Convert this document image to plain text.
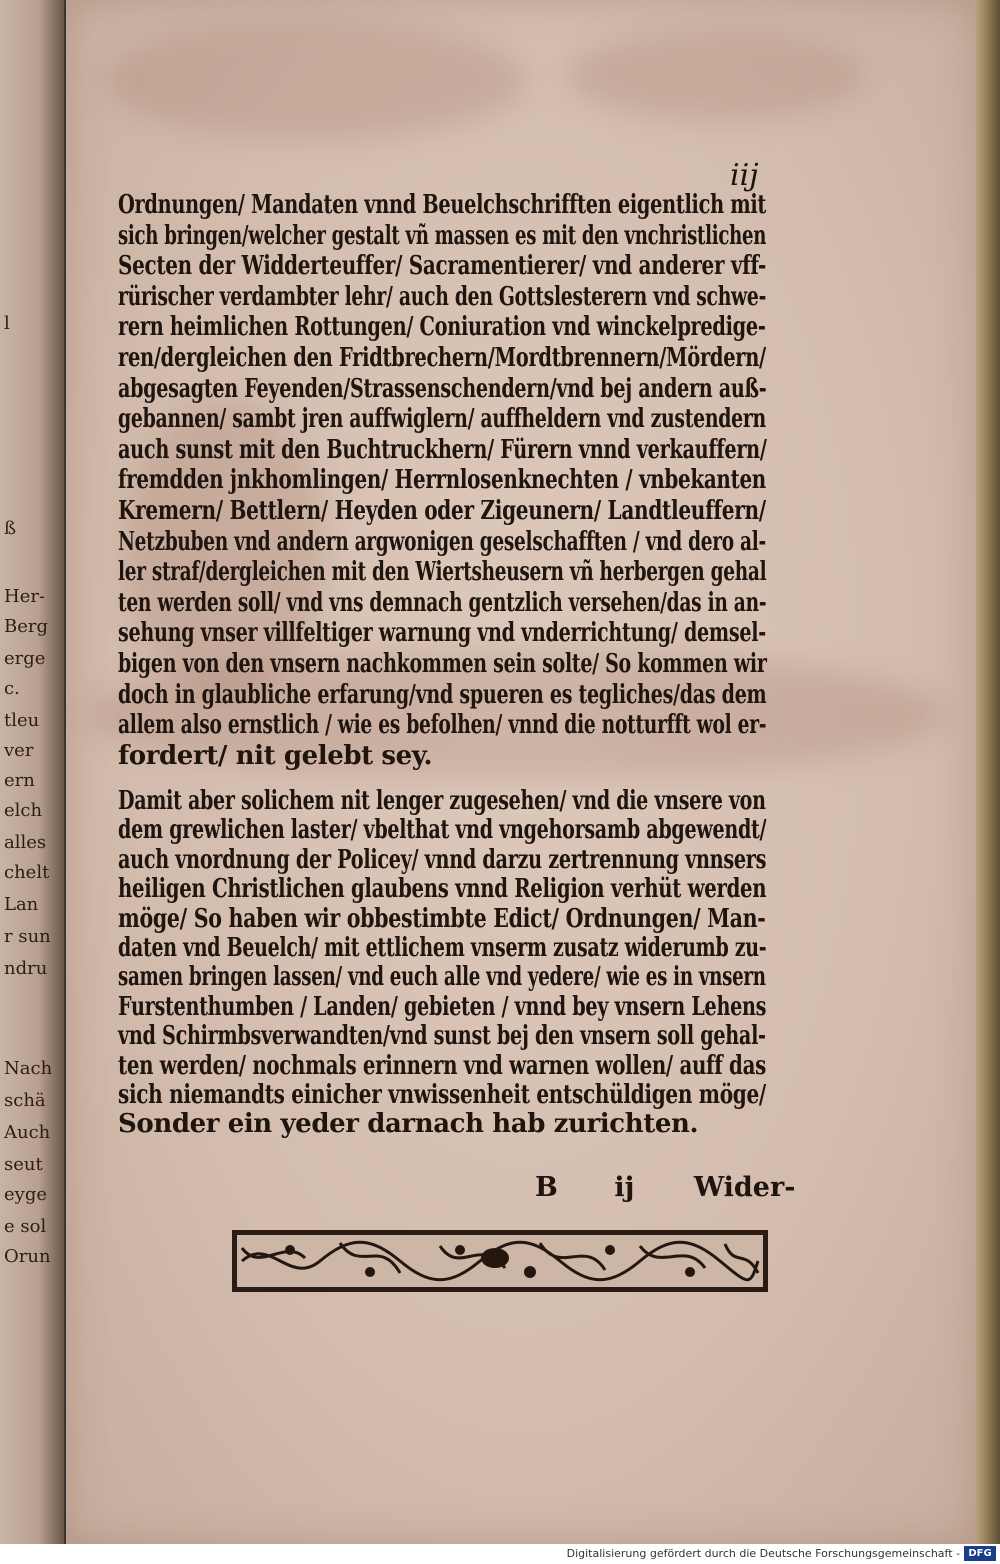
iij
Ordnungen/ Mandaten vnnd Beuelchschrifften eigentlich mit
sich bringen/welcher gestalt vñ massen es mit den vnchristlichen
Secten der Widderteuffer/ Sacramentierer/ vnd anderer vff-
rürischer verdambter lehr/ auch den Gottslesterern vnd schwe-
rern heimlichen Rottungen/ Coniuration vnd winckelpredige-
ren/dergleichen den Fridtbrechern/Mordtbrennern/Mördern/
abgesagten Feyenden/Strassenschendern/vnd bej andern auß-
gebannen/ sambt jren auffwiglern/ auffheldern vnd zustendern
auch sunst mit den Buchtruckhern/ Fürern vnnd verkauffern/
fremdden jnkhomlingen/ Herrnlosenknechten / vnbekanten
Kremern/ Bettlern/ Heyden oder Zigeunern/ Landtleuffern/
Netzbuben vnd andern argwonigen geselschafften / vnd dero al-
ler straf/dergleichen mit den Wiertsheusern vñ herbergen gehal
ten werden soll/ vnd vns demnach gentzlich versehen/das in an-
sehung vnser villfeltiger warnung vnd vnderrichtung/ demsel-
bigen von den vnsern nachkommen sein solte/ So kommen wir
doch in glaubliche erfarung/vnd spueren es tegliches/das dem
allem also ernstlich / wie es befolhen/ vnnd die notturfft wol er-
fordert/ nit gelebt sey.
Damit aber solichem nit lenger zugesehen/ vnd die vnsere von
dem grewlichen laster/ vbelthat vnd vngehorsamb abgewendt/
auch vnordnung der Policey/ vnnd darzu zertrennung vnnsers
heiligen Christlichen glaubens vnnd Religion verhüt werden
möge/ So haben wir obbestimbte Edict/ Ordnungen/ Man-
daten vnd Beuelch/ mit ettlichem vnserm zusatz widerumb zu-
samen bringen lassen/ vnd euch alle vnd yedere/ wie es in vnsern
Furstenthumben / Landen/ gebieten / vnnd bey vnsern Lehens
vnd Schirmbsverwandten/vnd sunst bej den vnsern soll gehal-
ten werden/ nochmals erinnern vnd warnen wollen/ auff das
sich niemandts einicher vnwissenheit entschüldigen möge/
Sonder ein yeder darnach hab zurichten.
B ij Wider-
l
ß
Her-
Berg
erge
c.
tleu
ver
ern
elch
alles
chelt
Lan
r sun
ndru
Nach
schä
Auch
seut
eyge
e sol
Orun
Digitalisierung gefördert durch die Deutsche Forschungsgemeinschaft - DFG
